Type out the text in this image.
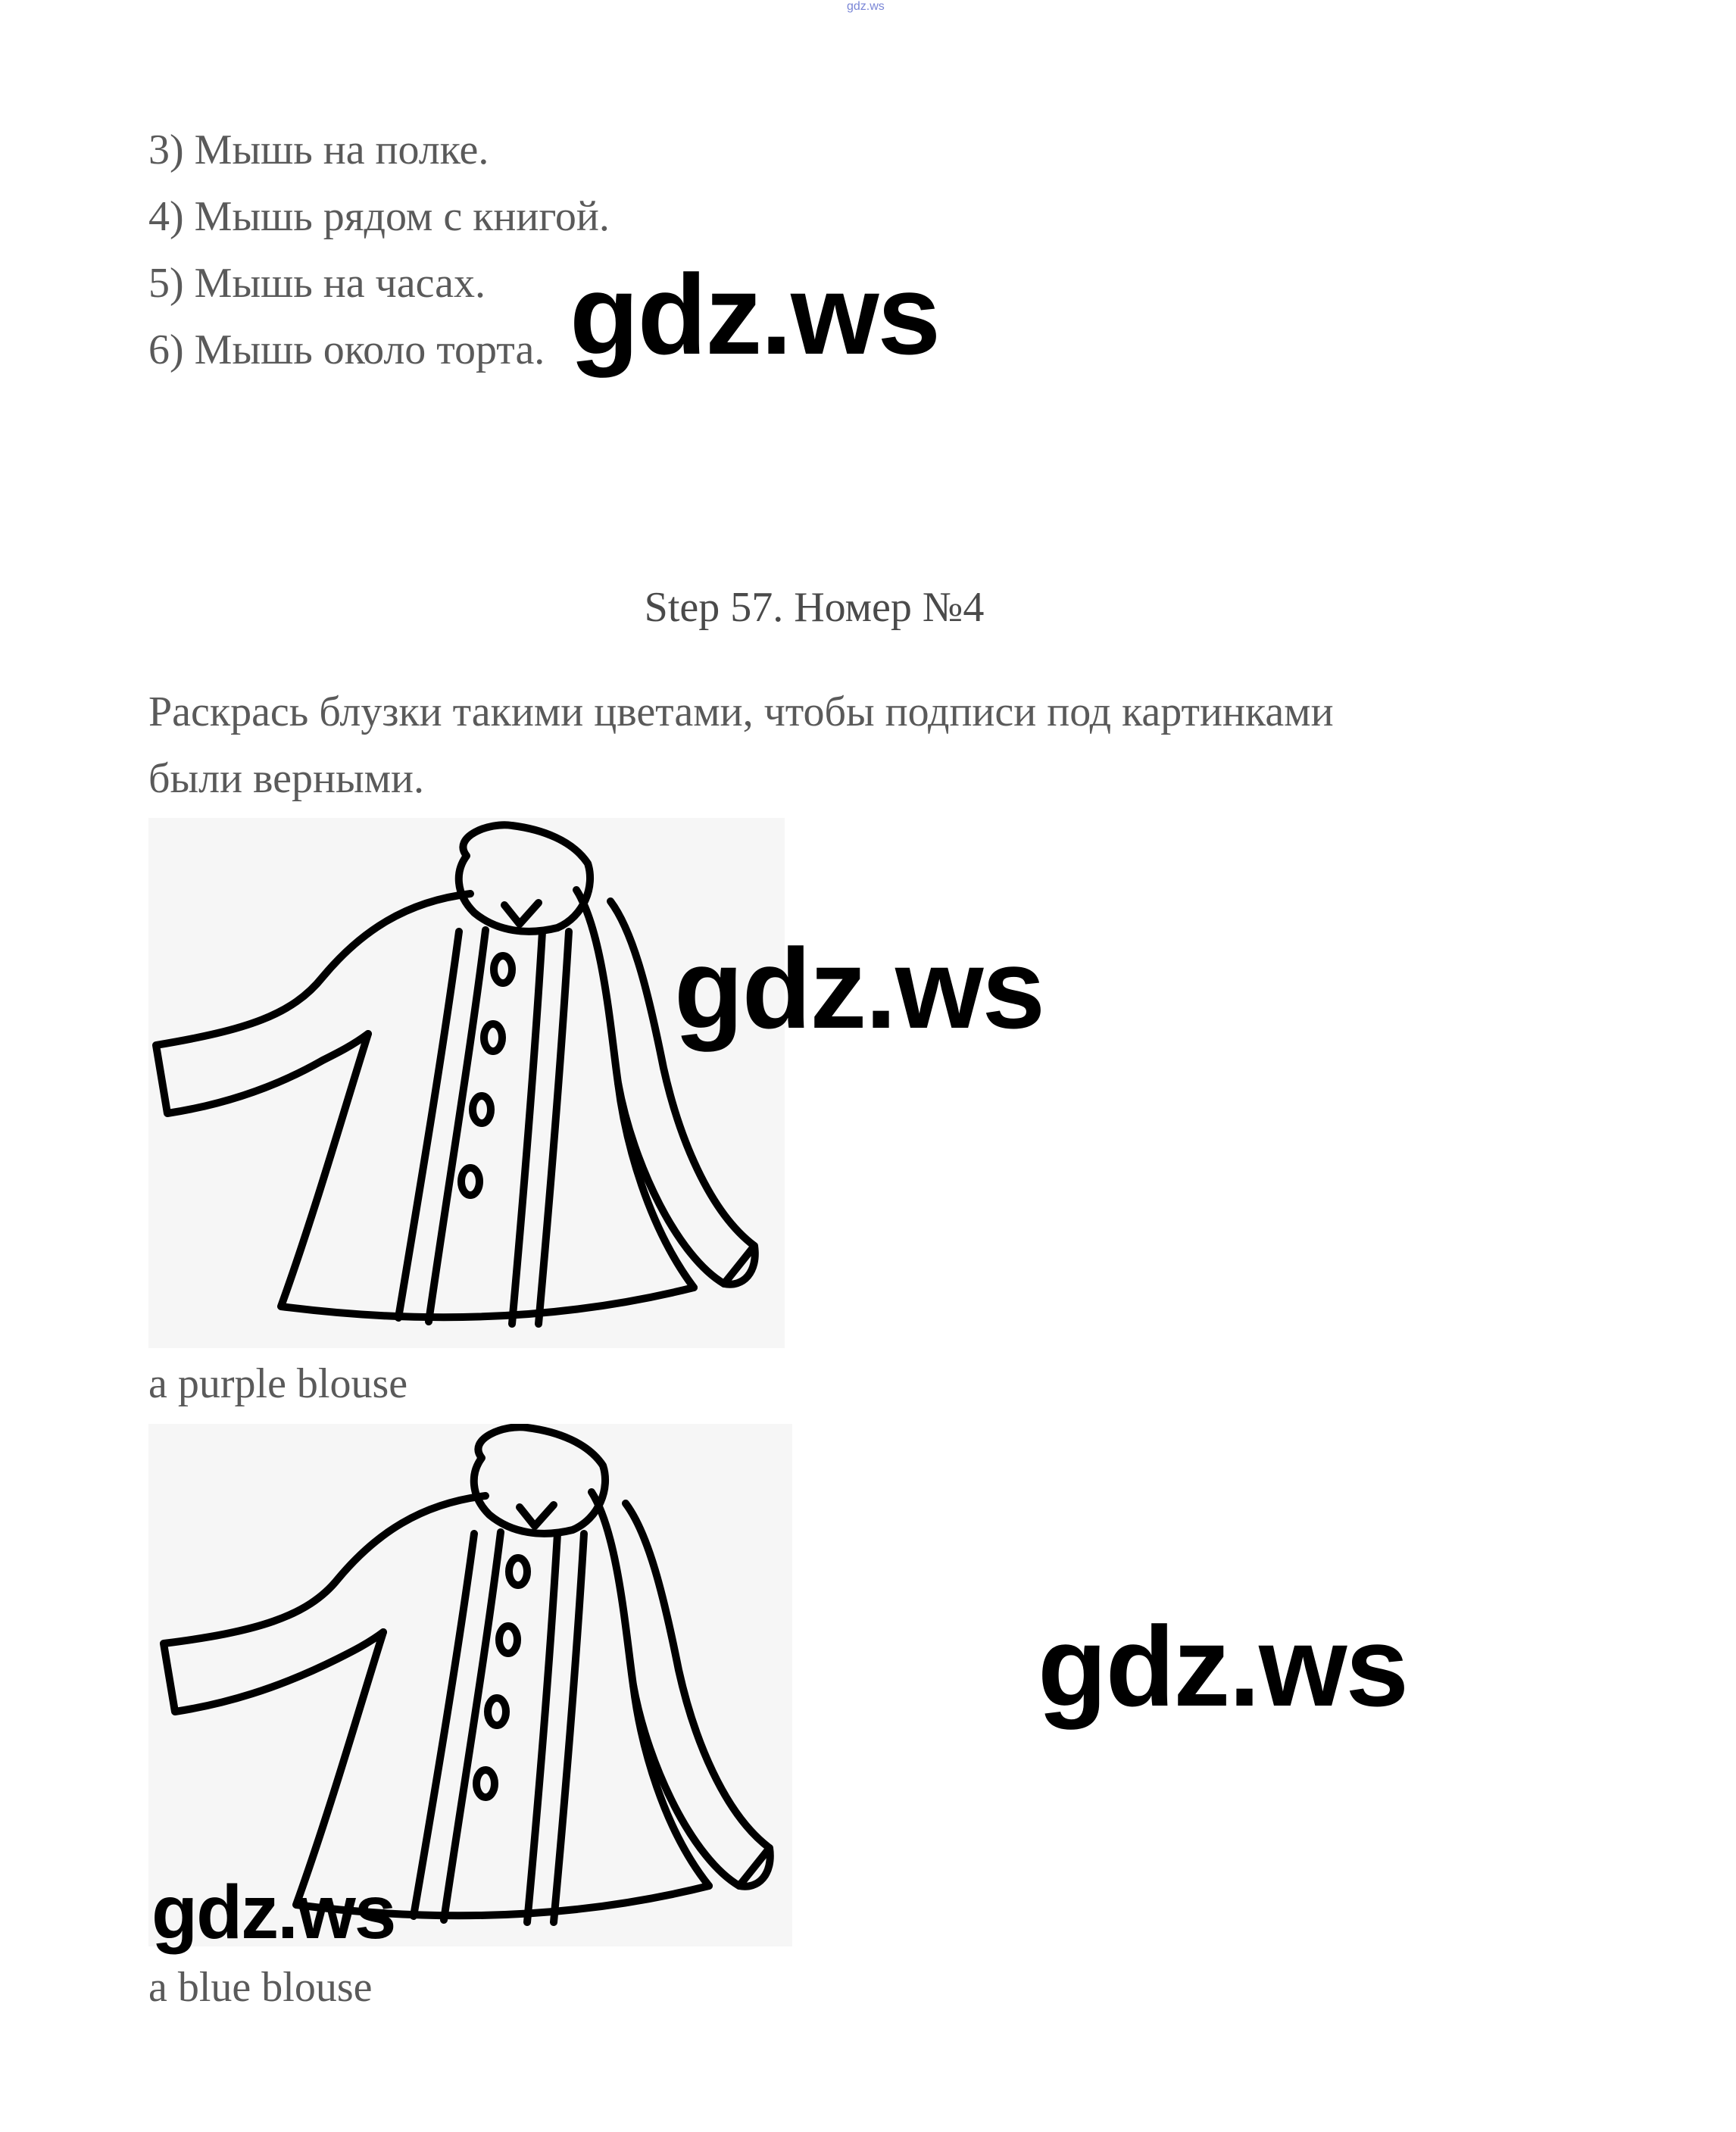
gdz.ws
3) Мышь на полке.
4) Мышь рядом с книгой.
5) Мышь на часах.
6) Мышь около торта. gdz.ws
Step 57. Номер №4
Раскрась блузки такими цветами, чтобы подписи под картинками
были верными.
gdz.ws
a purple blouse
gdz.ws
gdz.ws
a blue blouse
